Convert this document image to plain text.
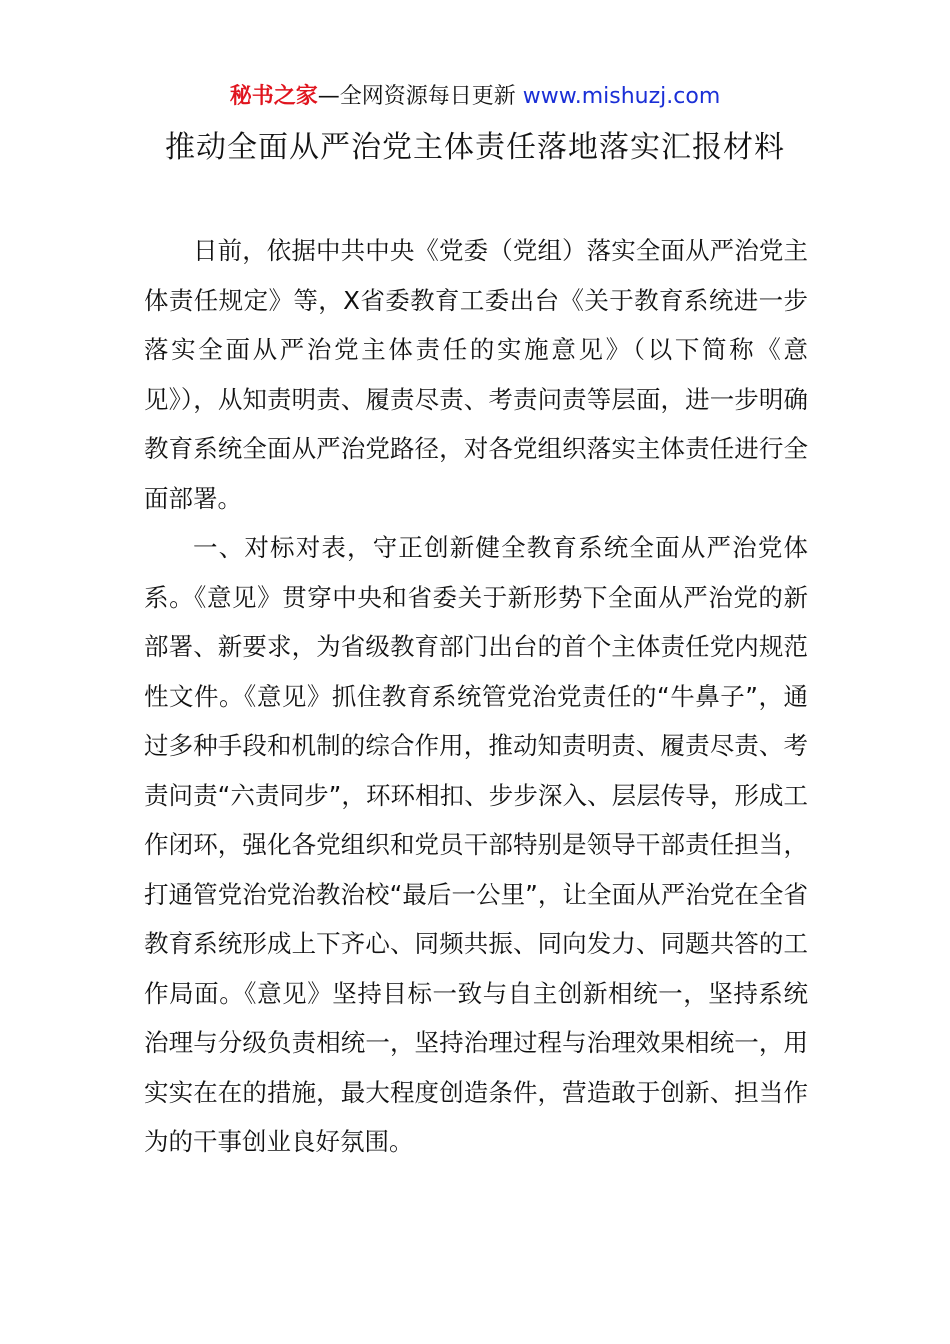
秘书之家—全网资源每日更新 www.mishuzj.com
推动全面从严治党主体责任落地落实汇报材料

日前，依据中共中央《党委（党组）落实全面从严治党主体责任规定》等，X省委教育工委出台《关于教育系统进一步落实全面从严治党主体责任的实施意见》（以下简称《意见》），从知责明责、履责尽责、考责问责等层面，进一步明确教育系统全面从严治党路径，对各党组织落实主体责任进行全面部署。

一、对标对表，守正创新健全教育系统全面从严治党体系。《意见》贯穿中央和省委关于新形势下全面从严治党的新部署、新要求，为省级教育部门出台的首个主体责任党内规范性文件。《意见》抓住教育系统管党治党责任的“牛鼻子”，通过多种手段和机制的综合作用，推动知责明责、履责尽责、考责问责“六责同步”，环环相扣、步步深入、层层传导，形成工作闭环，强化各党组织和党员干部特别是领导干部责任担当，打通管党治党治教治校“最后一公里”，让全面从严治党在全省教育系统形成上下齐心、同频共振、同向发力、同题共答的工作局面。《意见》坚持目标一致与自主创新相统一，坚持系统治理与分级负责相统一，坚持治理过程与治理效果相统一，用实实在在的措施，最大程度创造条件，营造敢于创新、担当作为的干事创业良好氛围。
